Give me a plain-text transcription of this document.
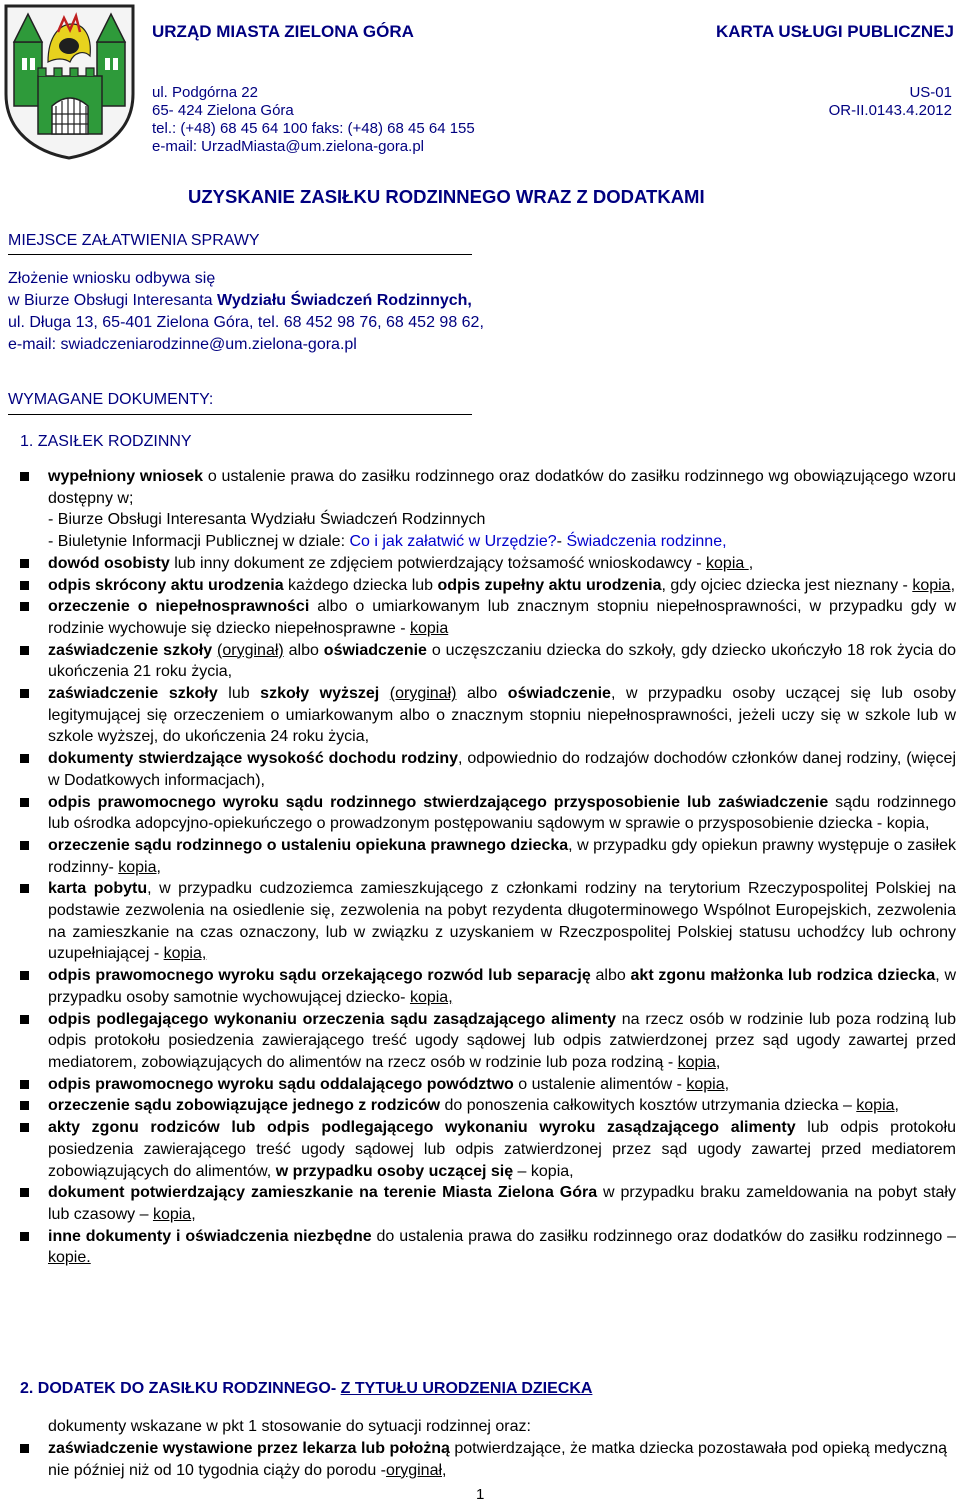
URZĄD MIASTA ZIELONA GÓRA	KARTA USŁUGI PUBLICZNEJ
ul. Podgórna 22
65- 424 Zielona Góra
tel.: (+48) 68 45 64 100 faks: (+48) 68 45 64 155
e-mail: UrzadMiasta@um.zielona-gora.pl
US-01
OR-II.0143.4.2012
UZYSKANIE ZASIŁKU RODZINNEGO WRAZ Z DODATKAMI
MIEJSCE ZAŁATWIENIA SPRAWY
Złożenie wniosku odbywa się
w Biurze Obsługi Interesanta Wydziału Świadczeń Rodzinnych,
ul. Długa 13, 65-401 Zielona Góra, tel. 68 452 98 76, 68 452 98 62,
e-mail: swiadczeniarodzinne@um.zielona-gora.pl
WYMAGANE DOKUMENTY:
1. ZASIŁEK RODZINNY
wypełniony wniosek o ustalenie prawa do zasiłku rodzinnego oraz dodatków do zasiłku rodzinnego wg obowiązującego wzoru dostępny w;
- Biurze Obsługi Interesanta Wydziału Świadczeń Rodzinnych
- Biuletynie Informacji Publicznej w dziale: Co i jak załatwić w Urzędzie?- Świadczenia rodzinne,
dowód osobisty lub inny dokument ze zdjęciem potwierdzający tożsamość wnioskodawcy - kopia ,
odpis skrócony aktu urodzenia każdego dziecka lub odpis zupełny aktu urodzenia, gdy ojciec dziecka jest nieznany - kopia,
orzeczenie o niepełnosprawności albo o umiarkowanym lub znacznym stopniu niepełnosprawności, w przypadku gdy w rodzinie wychowuje się dziecko niepełnosprawne - kopia
zaświadczenie szkoły (oryginał) albo oświadczenie o uczęszczaniu dziecka do szkoły, gdy dziecko ukończyło 18 rok życia do ukończenia 21 roku życia,
zaświadczenie szkoły lub szkoły wyższej (oryginał) albo oświadczenie, w przypadku osoby uczącej się lub osoby legitymującej się orzeczeniem o umiarkowanym albo o znacznym stopniu niepełnosprawności, jeżeli uczy się w szkole lub w szkole wyższej, do ukończenia 24 roku życia,
dokumenty stwierdzające wysokość dochodu rodziny, odpowiednio do rodzajów dochodów członków danej rodziny, (więcej w Dodatkowych informacjach),
odpis prawomocnego wyroku sądu rodzinnego stwierdzającego przysposobienie lub zaświadczenie sądu rodzinnego lub ośrodka adopcyjno-opiekuńczego o prowadzonym postępowaniu sądowym w sprawie o przysposobienie dziecka - kopia,
orzeczenie sądu rodzinnego o ustaleniu opiekuna prawnego dziecka, w przypadku gdy opiekun prawny występuje o zasiłek rodzinny- kopia,
karta pobytu, w przypadku cudzoziemca zamieszkującego z członkami rodziny na terytorium Rzeczypospolitej Polskiej na podstawie zezwolenia na osiedlenie się, zezwolenia na pobyt rezydenta długoterminowego Wspólnot Europejskich, zezwolenia na zamieszkanie na czas oznaczony, lub w związku z uzyskaniem w Rzeczpospolitej Polskiej statusu uchodźcy lub ochrony uzupełniającej - kopia,
odpis prawomocnego wyroku sądu orzekającego rozwód lub separację albo akt zgonu małżonka lub rodzica dziecka, w przypadku osoby samotnie wychowującej dziecko- kopia,
odpis podlegającego wykonaniu orzeczenia sądu zasądzającego alimenty na rzecz osób w rodzinie lub poza rodziną lub odpis protokołu posiedzenia zawierającego treść ugody sądowej lub odpis zatwierdzonej przez sąd ugody zawartej przed mediatorem, zobowiązujących do alimentów na rzecz osób w rodzinie lub poza rodziną - kopia,
odpis prawomocnego wyroku sądu oddalającego powództwo o ustalenie alimentów - kopia,
orzeczenie sądu zobowiązujące jednego z rodziców do ponoszenia całkowitych kosztów utrzymania dziecka – kopia,
akty zgonu rodziców lub odpis podlegającego wykonaniu wyroku zasądzającego alimenty lub odpis protokołu posiedzenia zawierającego treść ugody sądowej lub odpis zatwierdzonej przez sąd ugody zawartej przed mediatorem zobowiązujących do alimentów, w przypadku osoby uczącej się – kopia,
dokument potwierdzający zamieszkanie na terenie Miasta Zielona Góra w przypadku braku zameldowania na pobyt stały lub czasowy – kopia,
inne dokumenty i oświadczenia niezbędne do ustalenia prawa do zasiłku rodzinnego oraz dodatków do zasiłku rodzinnego – kopie.
2. DODATEK DO ZASIŁKU RODZINNEGO- Z TYTUŁU URODZENIA DZIECKA
dokumenty wskazane w pkt 1 stosowanie do sytuacji rodzinnej oraz:
zaświadczenie wystawione przez lekarza lub położną potwierdzające, że matka dziecka pozostawała pod opieką medyczną nie później niż od 10 tygodnia ciąży do porodu -oryginał,
1
